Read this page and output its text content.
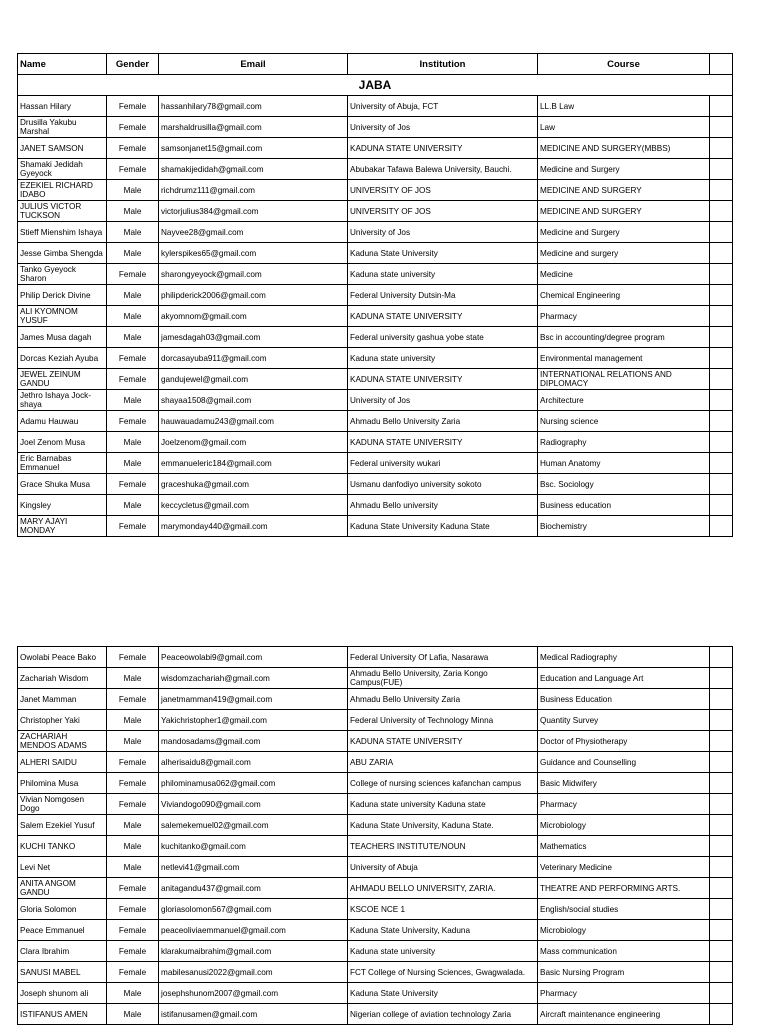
Name	Gender	Email	Institution	Course	
JABA					
Hassan Hilary	Female	hassanhilary78@gmail.com	University of Abuja, FCT	LL.B Law	
Drusilla Yakubu Marshal	Female	marshaldrusilla@gmail.com	University of Jos	Law	
JANET SAMSON	Female	samsonjanet15@gmail.com	KADUNA STATE UNIVERSITY	MEDICINE AND SURGERY(MBBS)	
Shamaki Jedidah Gyeyock	Female	shamakijedidah@gmail.com	Abubakar Tafawa Balewa University, Bauchi.	Medicine and Surgery	
EZEKIEL RICHARD IDABO	Male	richdrumz111@gmail.com	UNIVERSITY OF JOS	MEDICINE AND SURGERY	
JULIUS VICTOR TUCKSON	Male	victorjulius384@gmail.com	UNIVERSITY OF JOS	MEDICINE AND SURGERY	
Stieff Mienshim Ishaya	Male	Nayvee28@gmail.com	University of Jos	Medicine and Surgery	
Jesse Gimba Shengda	Male	kylerspikes65@gmail.com	Kaduna State University	Medicine and surgery	
Tanko Gyeyock Sharon	Female	sharongyeyock@gmail.com	Kaduna state university	Medicine	
Philip Derick Divine	Male	philipderick2006@gmail.com	Federal University Dutsin-Ma	Chemical Engineering	
ALI KYOMNOM YUSUF	Male	akyomnom@gmail.com	KADUNA STATE UNIVERSITY	Pharmacy	
James Musa dagah	Male	jamesdagah03@gmail.com	Federal university gashua yobe state	Bsc in accounting/degree program	
Dorcas Keziah Ayuba	Female	dorcasayuba911@gmail.com	Kaduna state university	Environmental management	
JEWEL ZEINUM GANDU	Female	gandujewel@gmail.com	KADUNA STATE UNIVERSITY	INTERNATIONAL RELATIONS AND DIPLOMACY	
Jethro Ishaya Jock-shaya	Male	shayaa1508@gmail.com	University of Jos	Architecture	
Adamu Hauwau	Female	hauwauadamu243@gmail.com	Ahmadu Bello University Zaria	Nursing science	
Joel Zenom Musa	Male	Joelzenom@gmail.com	KADUNA STATE UNIVERSITY	Radiography	
Eric Barnabas Emmanuel	Male	emmanueleric184@gmail.com	Federal university wukari	Human Anatomy	
Grace Shuka Musa	Female	graceshuka@gmail.com	Usmanu danfodiyo university sokoto	Bsc. Sociology	
Kingsley	Male	keccycletus@gmail.com	Ahmadu Bello university	Business education	
MARY AJAYI MONDAY	Female	marymonday440@gmail.com	Kaduna State University Kaduna State	Biochemistry	
Owolabi Peace Bako	Female	Peaceowolabi9@gmail.com	Federal University Of Lafia, Nasarawa	Medical Radiography	
Zachariah Wisdom	Male	wisdomzachariah@gmail.com	Ahmadu Bello University, Zaria Kongo Campus(FUE)	Education and Language Art	
Janet Mamman	Female	janetmamman419@gmail.com	Ahmadu Bello University Zaria	Business Education	
Christopher Yaki	Male	Yakichristopher1@gmail.com	Federal University of Technology Minna	Quantity Survey	
ZACHARIAH MENDOS ADAMS	Male	mandosadams@gmail.com	KADUNA STATE UNIVERSITY	Doctor of Physiotherapy	
ALHERI SAIDU	Female	alherisaidu8@gmail.com	ABU ZARIA	Guidance and Counselling	
Philomina Musa	Female	philominamusa062@gmail.com	College of nursing sciences kafanchan campus	Basic Midwifery	
Vivian Nomgosen Dogo	Female	Viviandogo090@gmail.com	Kaduna state university Kaduna state	Pharmacy	
Salem Ezekiel Yusuf	Male	salemekemuel02@gmail.com	Kaduna State University, Kaduna State.	Microbiology	
KUCHI TANKO	Male	kuchitanko@gmail.com	TEACHERS INSTITUTE/NOUN	Mathematics	
Levi Net	Male	netlevi41@gmail.com	University of Abuja	Veterinary Medicine	
ANITA ANGOM GANDU	Female	anitagandu437@gmail.com	AHMADU BELLO UNIVERSITY, ZARIA.	THEATRE AND PERFORMING ARTS.	
Gloria Solomon	Female	gloriasolomon567@gmail.com	KSCOE NCE 1	English/social studies	
Peace Emmanuel	Female	peaceoliviaemmanuel@gmail.com	Kaduna State University, Kaduna	Microbiology	
Clara Ibrahim	Female	klarakumaibrahim@gmail.com	Kaduna state university	Mass communication	
SANUSI MABEL	Female	mabilesanusi2022@gmail.com	FCT College of Nursing Sciences, Gwagwalada.	Basic Nursing Program	
Joseph shunom ali	Male	josephshunom2007@gmail.com	Kaduna State University	Pharmacy	
ISTIFANUS AMEN	Male	istifanusamen@gmail.com	Nigerian college of aviation technology Zaria	Aircraft maintenance engineering	
